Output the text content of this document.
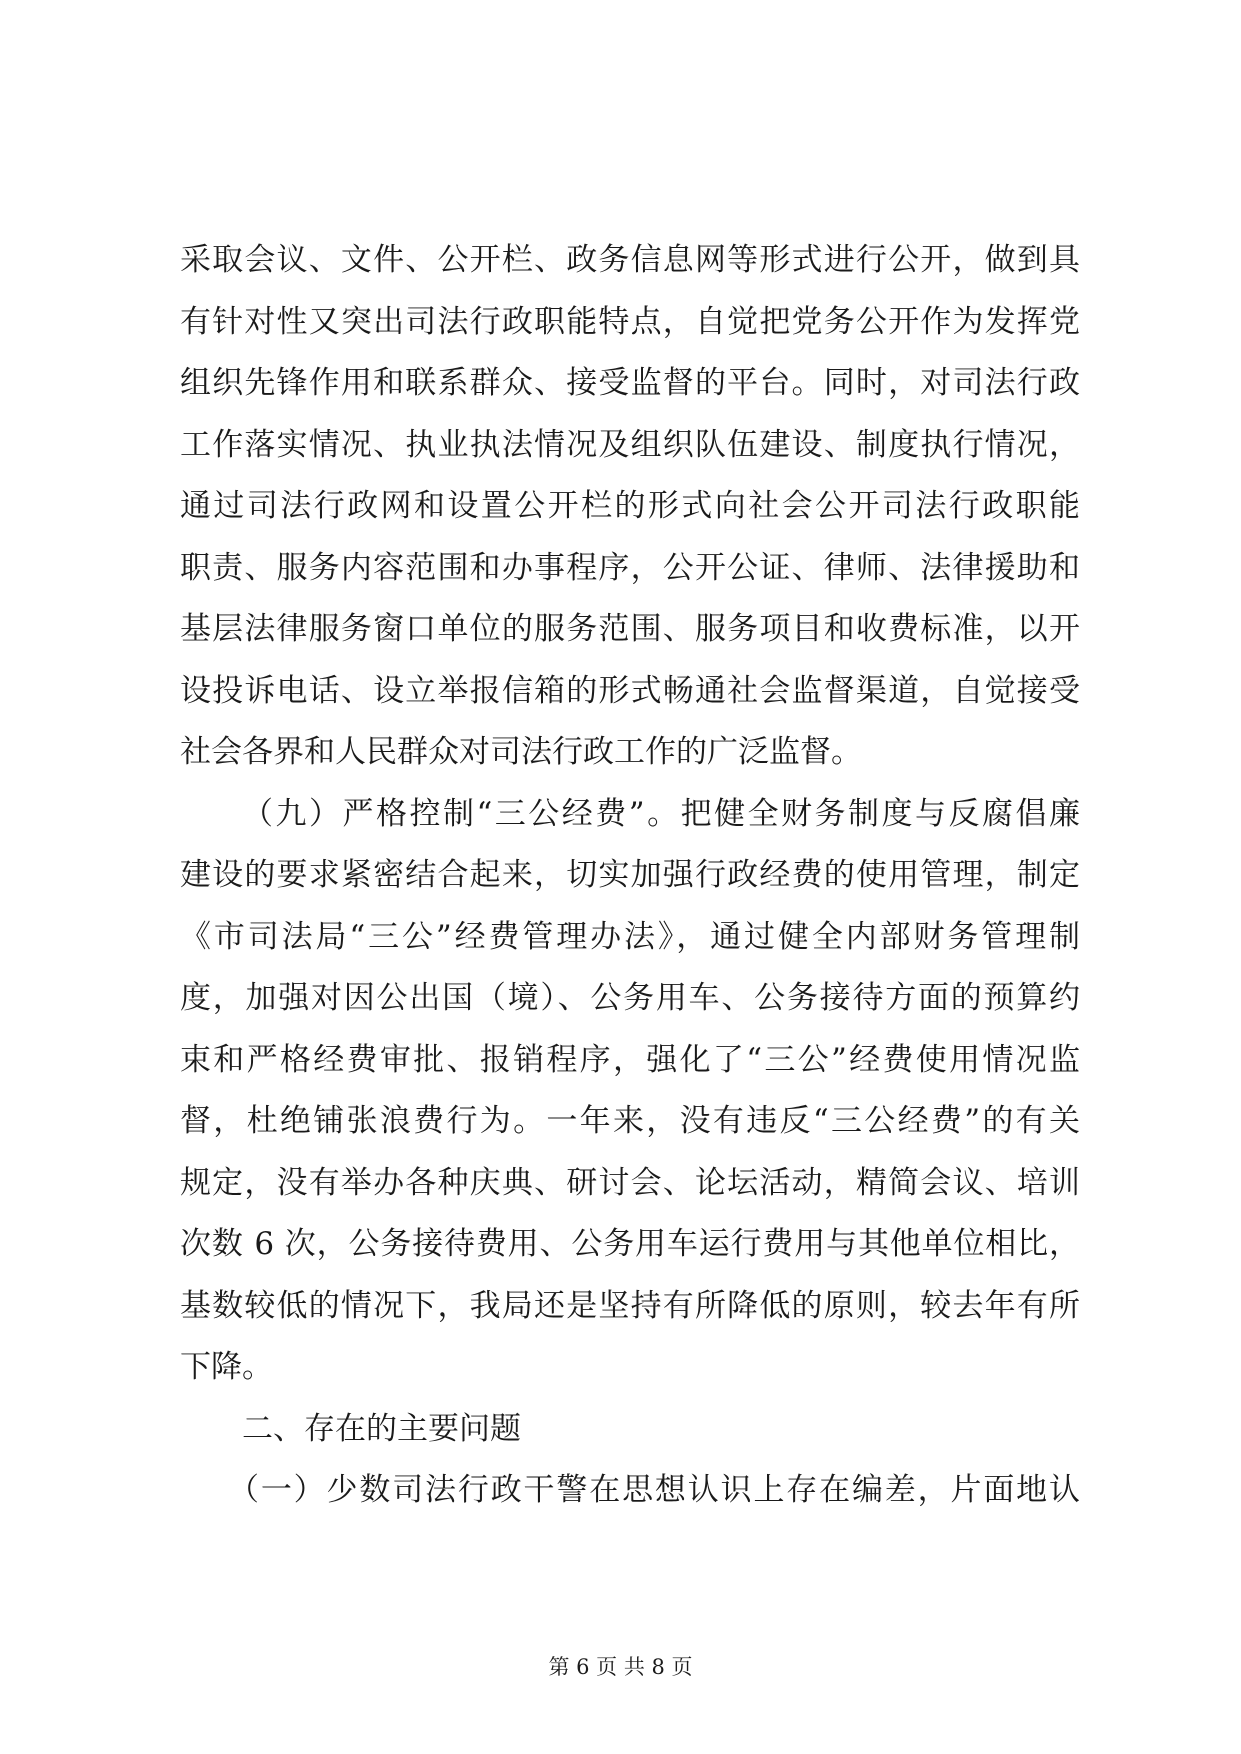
采取会议、文件、公开栏、政务信息网等形式进行公开，做到具
有针对性又突出司法行政职能特点，自觉把党务公开作为发挥党
组织先锋作用和联系群众、接受监督的平台。同时，对司法行政
工作落实情况、执业执法情况及组织队伍建设、制度执行情况，
通过司法行政网和设置公开栏的形式向社会公开司法行政职能
职责、服务内容范围和办事程序，公开公证、律师、法律援助和
基层法律服务窗口单位的服务范围、服务项目和收费标准，以开
设投诉电话、设立举报信箱的形式畅通社会监督渠道，自觉接受
社会各界和人民群众对司法行政工作的广泛监督。
（九）严格控制“三公经费”。把健全财务制度与反腐倡廉
建设的要求紧密结合起来，切实加强行政经费的使用管理，制定
《市司法局“三公”经费管理办法》，通过健全内部财务管理制
度，加强对因公出国（境）、公务用车、公务接待方面的预算约
束和严格经费审批、报销程序，强化了“三公”经费使用情况监
督，杜绝铺张浪费行为。一年来，没有违反“三公经费”的有关
规定，没有举办各种庆典、研讨会、论坛活动，精简会议、培训
次数 6 次，公务接待费用、公务用车运行费用与其他单位相比，
基数较低的情况下，我局还是坚持有所降低的原则，较去年有所
下降。
二、存在的主要问题
（一）少数司法行政干警在思想认识上存在编差，片面地认
第 6 页 共 8 页
